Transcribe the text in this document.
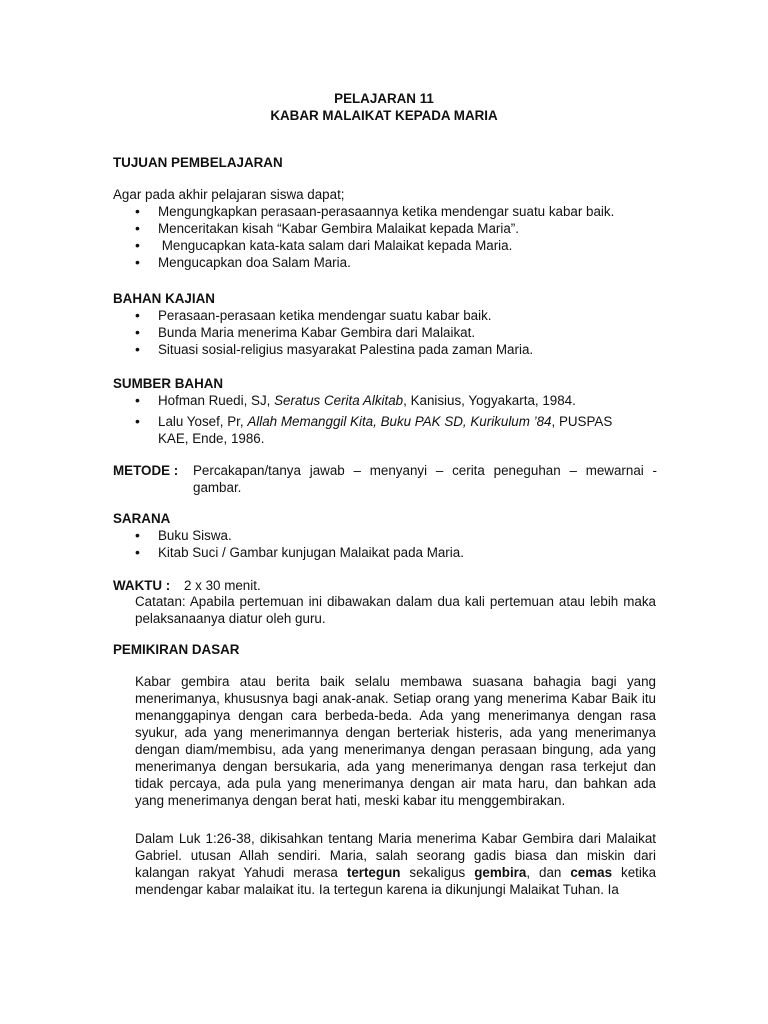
PELAJARAN 11
KABAR MALAIKAT KEPADA MARIA
TUJUAN PEMBELAJARAN
Agar pada akhir pelajaran siswa dapat;
• Mengungkapkan perasaan-perasaannya ketika mendengar suatu kabar baik.
• Menceritakan kisah “Kabar Gembira Malaikat kepada Maria”.
•  Mengucapkan kata-kata salam dari Malaikat kepada Maria.
• Mengucapkan doa Salam Maria.
BAHAN KAJIAN
• Perasaan-perasaan ketika mendengar suatu kabar baik.
• Bunda Maria menerima Kabar Gembira dari Malaikat.
• Situasi sosial-religius masyarakat Palestina pada zaman Maria.
SUMBER BAHAN
• Hofman Ruedi, SJ, Seratus Cerita Alkitab, Kanisius, Yogyakarta, 1984.
• Lalu Yosef, Pr, Allah Memanggil Kita, Buku PAK SD, Kurikulum ’84, PUSPAS KAE, Ende, 1986.
METODE : Percakapan/tanya jawab – menyanyi – cerita peneguhan – mewarnai - gambar.
SARANA
• Buku Siswa.
• Kitab Suci / Gambar kunjugan Malaikat pada Maria.
WAKTU : 2 x 30 menit.
Catatan: Apabila pertemuan ini dibawakan dalam dua kali pertemuan atau lebih maka pelaksanaanya diatur oleh guru.
PEMIKIRAN DASAR
Kabar gembira atau berita baik selalu membawa suasana bahagia bagi yang menerimanya, khususnya bagi anak-anak. Setiap orang yang menerima Kabar Baik itu menanggapinya dengan cara berbeda-beda. Ada yang menerimanya dengan rasa syukur, ada yang menerimannya dengan berteriak histeris, ada yang menerimanya dengan diam/membisu, ada yang menerimanya dengan perasaan bingung, ada yang menerimanya dengan bersukaria, ada yang menerimanya dengan rasa terkejut dan tidak percaya, ada pula yang menerimanya dengan air mata haru, dan bahkan ada yang menerimanya dengan berat hati, meski kabar itu menggembirakan.
Dalam Luk 1:26-38, dikisahkan tentang Maria menerima Kabar Gembira dari Malaikat Gabriel. utusan Allah sendiri. Maria, salah seorang gadis biasa dan miskin dari kalangan rakyat Yahudi merasa tertegun sekaligus gembira, dan cemas ketika mendengar kabar malaikat itu. Ia tertegun karena ia dikunjungi Malaikat Tuhan. Ia
